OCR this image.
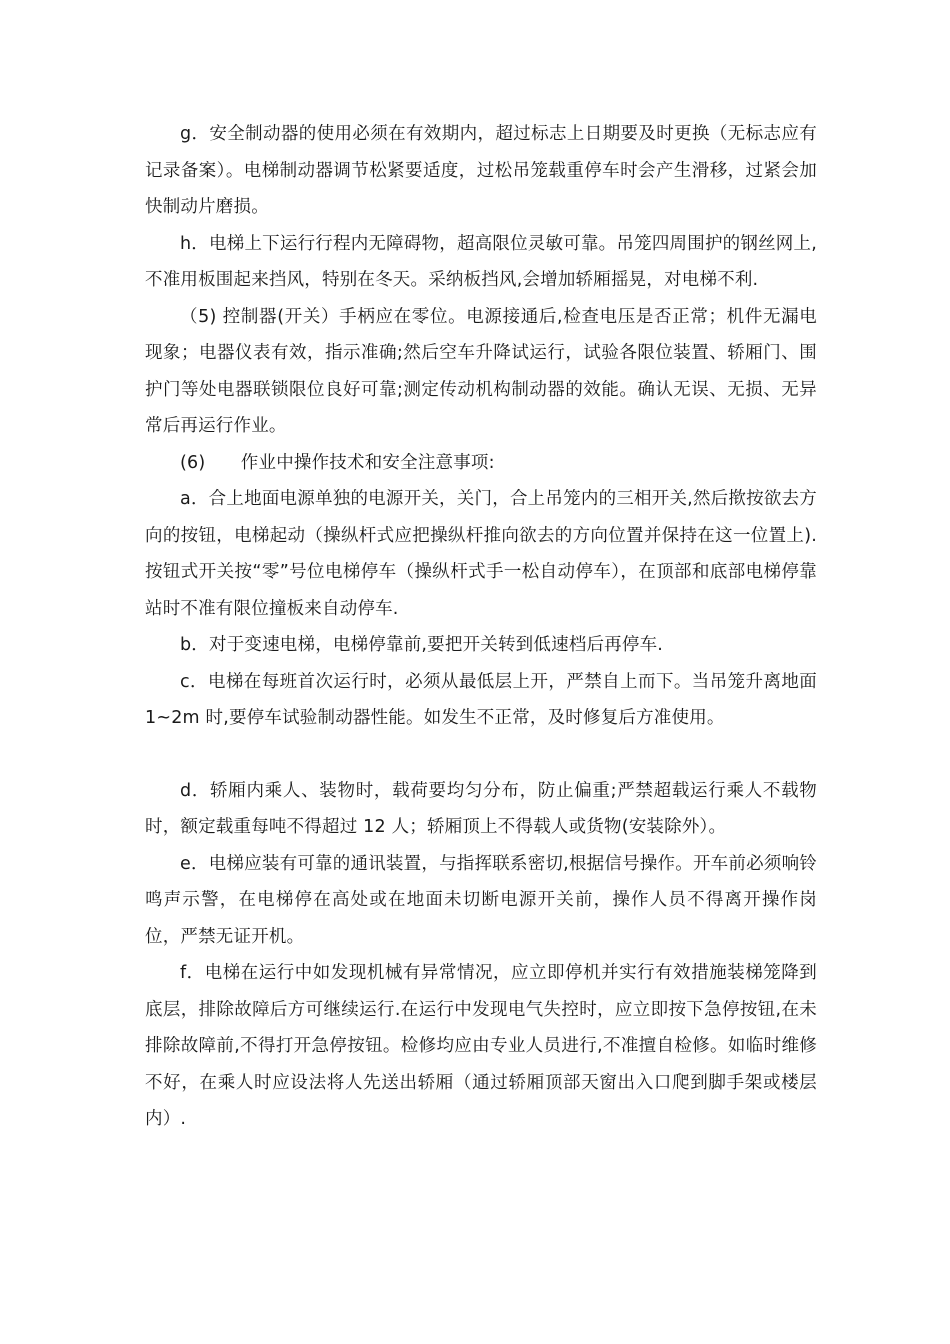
g．安全制动器的使用必须在有效期内，超过标志上日期要及时更换（无标志应有记录备案）。电梯制动器调节松紧要适度，过松吊笼载重停车时会产生滑移，过紧会加快制动片磨损。

h．电梯上下运行行程内无障碍物，超高限位灵敏可靠。吊笼四周围护的钢丝网上,不准用板围起来挡风，特别在冬天。采纳板挡风,会增加轿厢摇晃，对电梯不利.

（5) 控制器(开关）手柄应在零位。电源接通后,检查电压是否正常；机件无漏电现象；电器仪表有效，指示准确;然后空车升降试运行，试验各限位装置、轿厢门、围护门等处电器联锁限位良好可靠;测定传动机构制动器的效能。确认无误、无损、无异常后再运行作业。

(6)　　作业中操作技术和安全注意事项:

a．合上地面电源单独的电源开关，关门，合上吊笼内的三相开关,然后揿按欲去方向的按钮，电梯起动（操纵杆式应把操纵杆推向欲去的方向位置并保持在这一位置上).按钮式开关按“零”号位电梯停车（操纵杆式手一松自动停车），在顶部和底部电梯停靠站时不准有限位撞板来自动停车.

b．对于变速电梯，电梯停靠前,要把开关转到低速档后再停车.

c．电梯在每班首次运行时，必须从最低层上开，严禁自上而下。当吊笼升离地面 1~2m 时,要停车试验制动器性能。如发生不正常，及时修复后方准使用。

d．轿厢内乘人、装物时，载荷要均匀分布，防止偏重;严禁超载运行乘人不载物时，额定载重每吨不得超过 12 人；轿厢顶上不得载人或货物(安装除外）。

e．电梯应装有可靠的通讯装置，与指挥联系密切,根据信号操作。开车前必须响铃鸣声示警，在电梯停在高处或在地面未切断电源开关前，操作人员不得离开操作岗位，严禁无证开机。

f．电梯在运行中如发现机械有异常情况，应立即停机并实行有效措施装梯笼降到底层，排除故障后方可继续运行.在运行中发现电气失控时，应立即按下急停按钮,在未排除故障前,不得打开急停按钮。检修均应由专业人员进行,不准擅自检修。如临时维修不好，在乘人时应设法将人先送出轿厢（通过轿厢顶部天窗出入口爬到脚手架或楼层内）.
